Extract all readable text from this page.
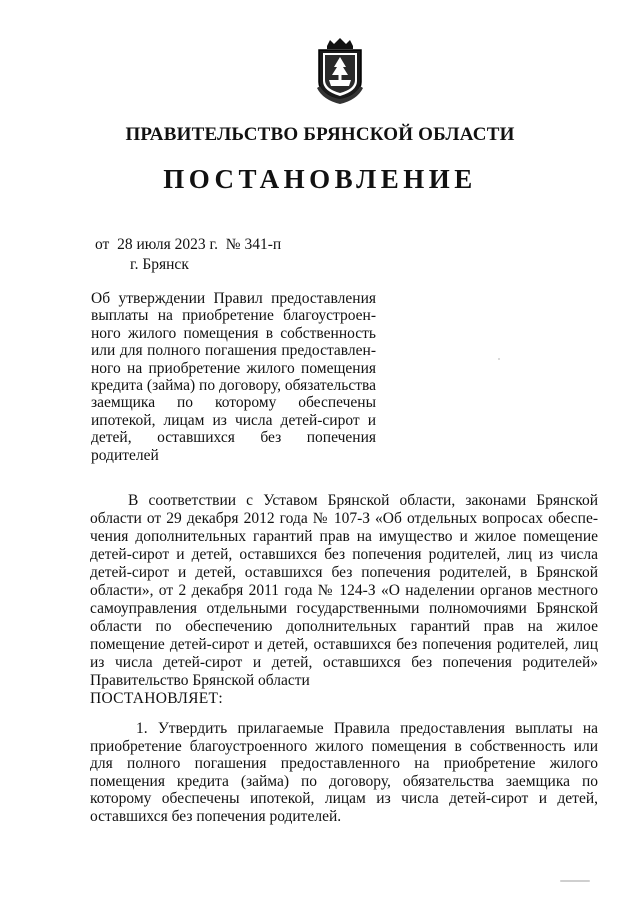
ПРАВИТЕЛЬСТВО БРЯНСКОЙ ОБЛАСТИ
ПОСТАНОВЛЕНИЕ
от  28 июля 2023 г.  № 341-п
г. Брянск
Об утверждении Правил предоставления выплаты на приобретение благоустроенного жилого помещения в собственность или для полного погашения предоставленного на приобретение жилого помещения кредита (займа) по договору, обязательства заемщика по которому обеспечены ипотекой, лицам из числа детей-сирот и детей, оставшихся без попечения родителей
В соответствии с Уставом Брянской области, законами Брянской области от 29 декабря 2012 года № 107-З «Об отдельных вопросах обеспечения дополнительных гарантий прав на имущество и жилое помещение детей-сирот и детей, оставшихся без попечения родителей, лиц из числа детей-сирот и детей, оставшихся без попечения родителей, в Брянской области», от 2 декабря 2011 года № 124-З «О наделении органов местного самоуправления отдельными государственными полномочиями Брянской области по обеспечению дополнительных гарантий прав на жилое помещение детей-сирот и детей, оставшихся без попечения родителей, лиц из числа детей-сирот и детей, оставшихся без попечения родителей» Правительство Брянской области
ПОСТАНОВЛЯЕТ:
1. Утвердить прилагаемые Правила предоставления выплаты на приобретение благоустроенного жилого помещения в собственность или для полного погашения предоставленного на приобретение жилого помещения кредита (займа) по договору, обязательства заемщика по которому обеспечены ипотекой, лицам из числа детей-сирот и детей, оставшихся без попечения родителей.
